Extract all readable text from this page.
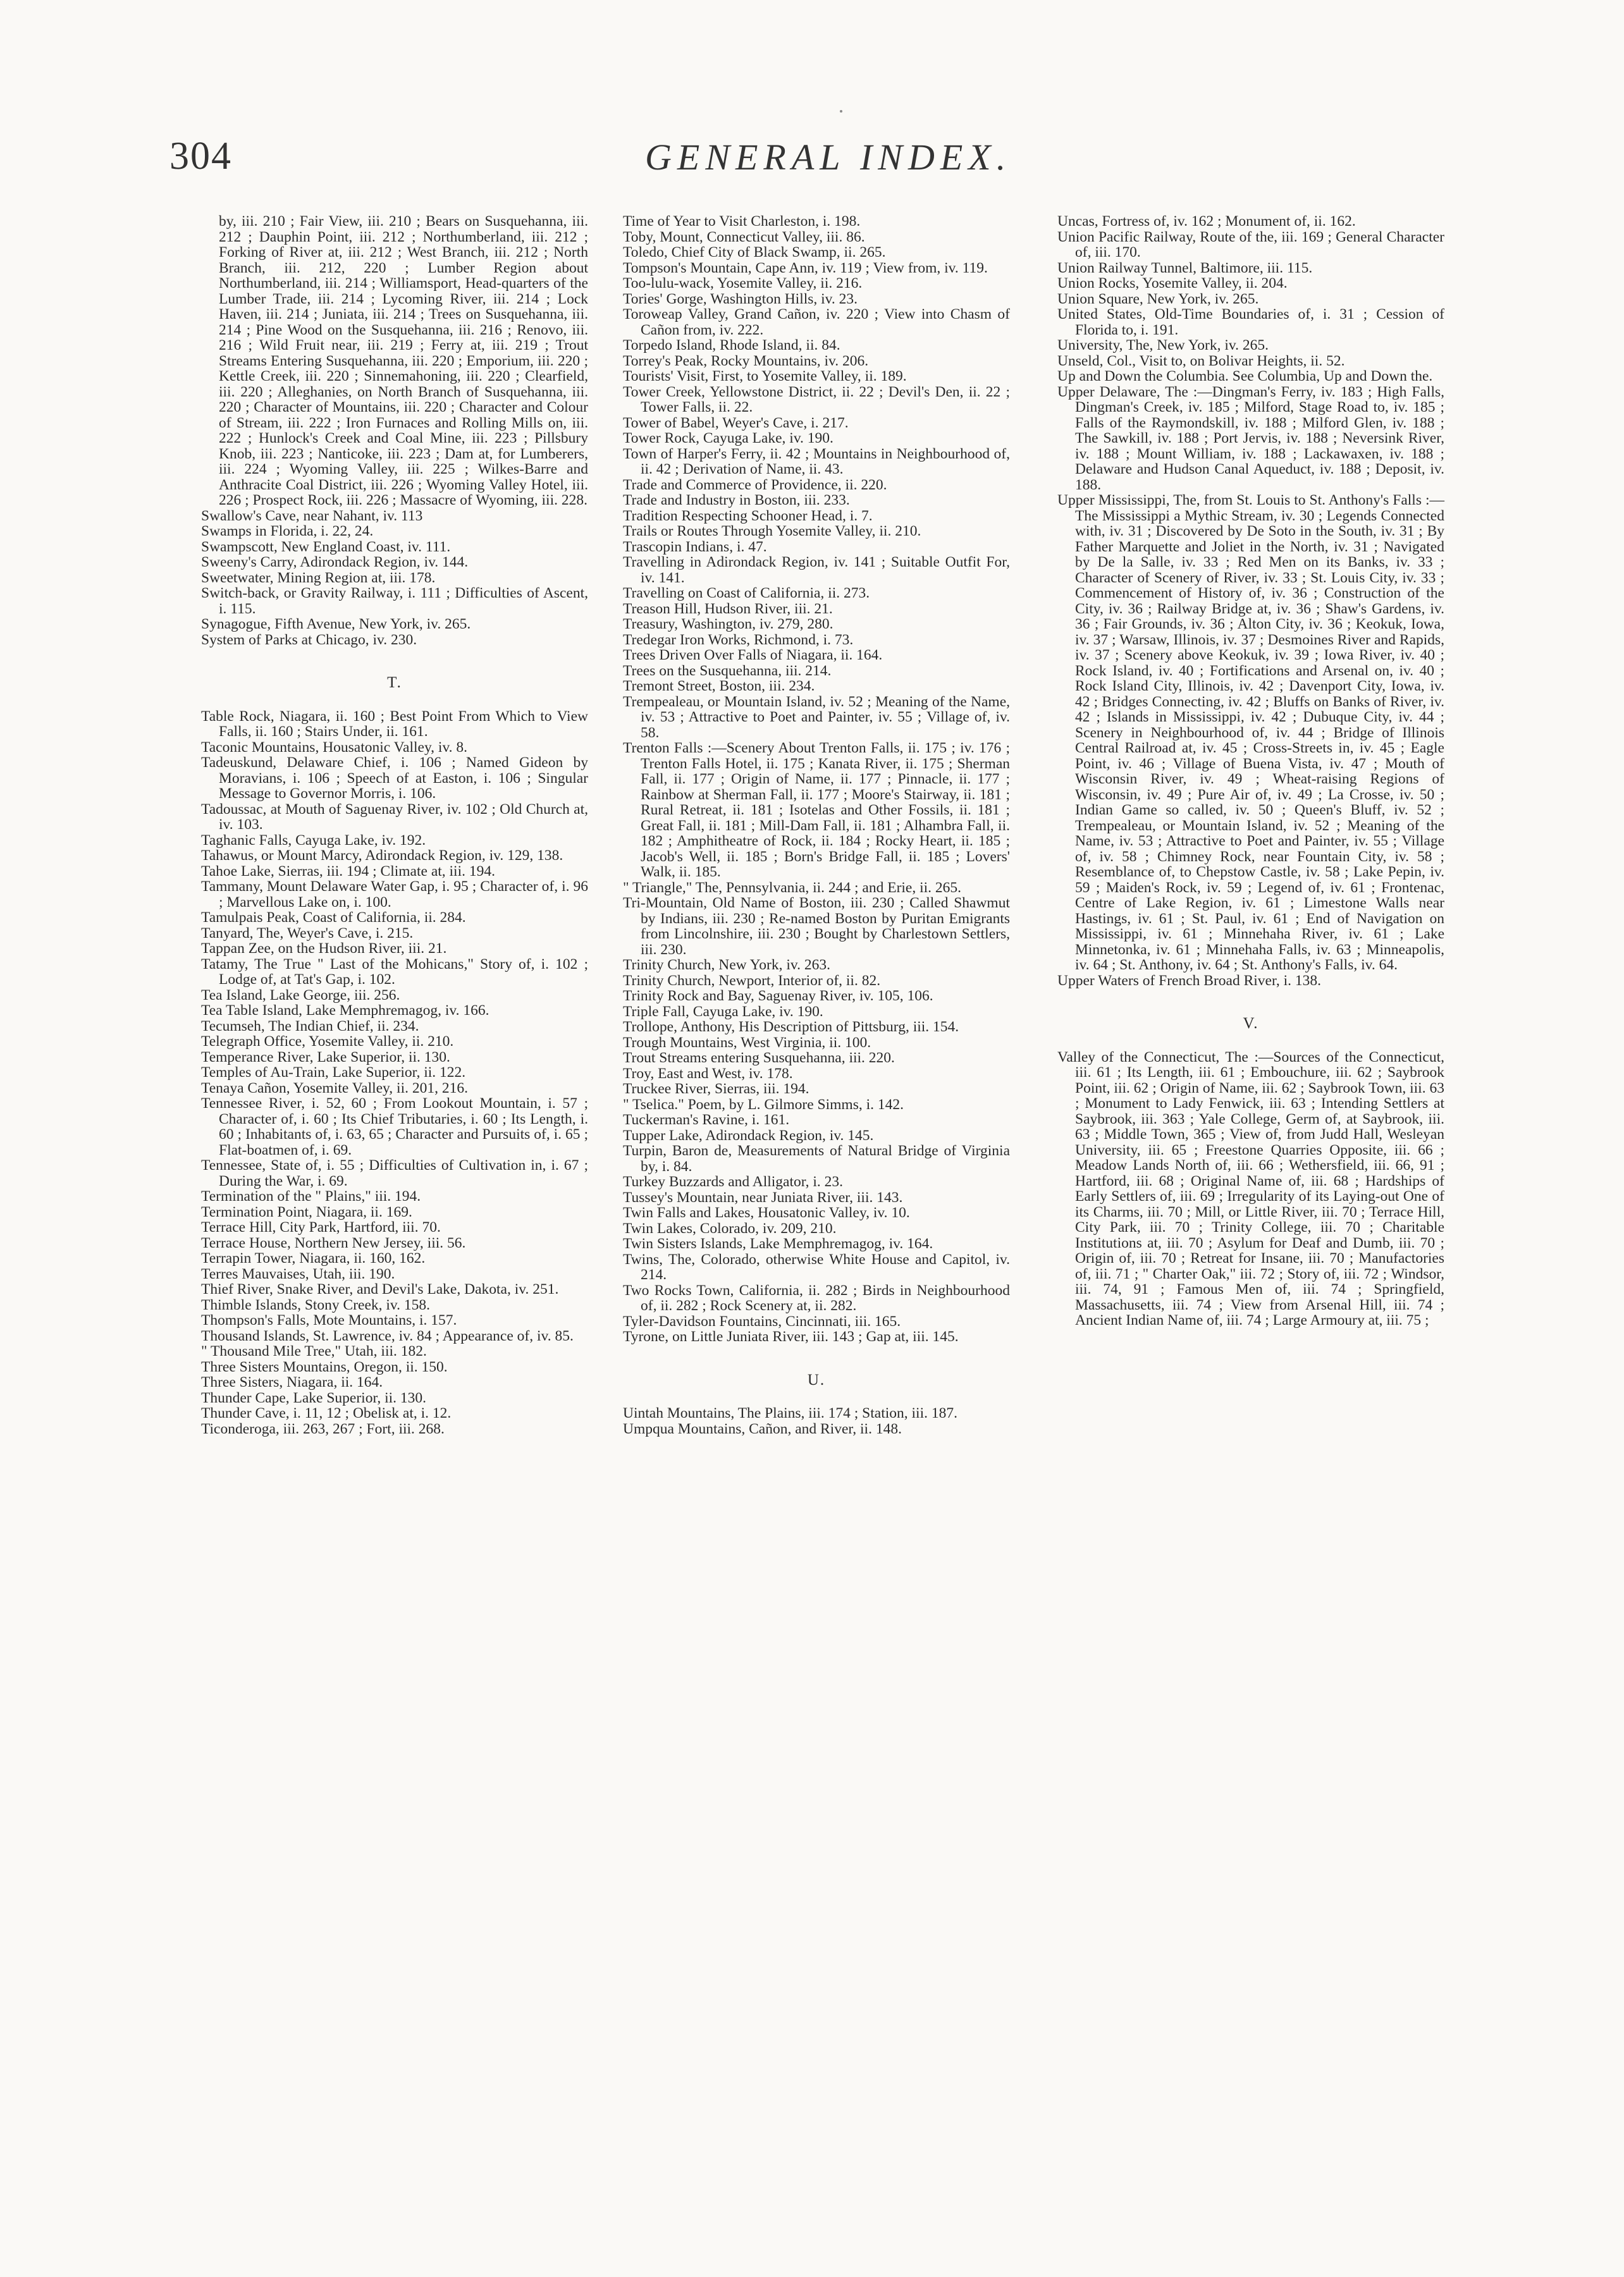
304	GENERAL INDEX.

by, iii. 210 ; Fair View, iii. 210 ; Bears on Susquehanna, iii. 212 ; Dauphin Point, iii. 212 ; Northumberland, iii. 212 ; Forking of River at, iii. 212 ; West Branch, iii. 212 ; North Branch, iii. 212, 220 ; Lumber Region about Northumberland, iii. 214 ; Williamsport, Head-quarters of the Lumber Trade, iii. 214 ; Lycoming River, iii. 214 ; Lock Haven, iii. 214 ; Juniata, iii. 214 ; Trees on Susquehanna, iii. 214 ; Pine Wood on the Susquehanna, iii. 216 ; Renovo, iii. 216 ; Wild Fruit near, iii. 219 ; Ferry at, iii. 219 ; Trout Streams Entering Susquehanna, iii. 220 ; Emporium, iii. 220 ; Kettle Creek, iii. 220 ; Sinnemahoning, iii. 220 ; Clearfield, iii. 220 ; Alleghanies, on North Branch of Susquehanna, iii. 220 ; Character of Mountains, iii. 220 ; Character and Colour of Stream, iii. 222 ; Iron Furnaces and Rolling Mills on, iii. 222 ; Hunlock's Creek and Coal Mine, iii. 223 ; Pillsbury Knob, iii. 223 ; Nanticoke, iii. 223 ; Dam at, for Lumberers, iii. 224 ; Wyoming Valley, iii. 225 ; Wilkes-Barre and Anthracite Coal District, iii. 226 ; Wyoming Valley Hotel, iii. 226 ; Prospect Rock, iii. 226 ; Massacre of Wyoming, iii. 228.

Swallow's Cave, near Nahant, iv. 113

Swamps in Florida, i. 22, 24.

Swampscott, New England Coast, iv. 111.

Sweeny's Carry, Adirondack Region, iv. 144.

Sweetwater, Mining Region at, iii. 178.

Switch-back, or Gravity Railway, i. 111 ; Difficulties of Ascent, i. 115.

Synagogue, Fifth Avenue, New York, iv. 265.

System of Parks at Chicago, iv. 230.

T.

Table Rock, Niagara, ii. 160 ; Best Point From Which to View Falls, ii. 160 ; Stairs Under, ii. 161.

Taconic Mountains, Housatonic Valley, iv. 8.

Tadeuskund, Delaware Chief, i. 106 ; Named Gideon by Moravians, i. 106 ; Speech of at Easton, i. 106 ; Singular Message to Governor Morris, i. 106.

Tadoussac, at Mouth of Saguenay River, iv. 102 ; Old Church at, iv. 103.

Taghanic Falls, Cayuga Lake, iv. 192.

Tahawus, or Mount Marcy, Adirondack Region, iv. 129, 138.

Tahoe Lake, Sierras, iii. 194 ; Climate at, iii. 194.

Tammany, Mount Delaware Water Gap, i. 95 ; Character of, i. 96 ; Marvellous Lake on, i. 100.

Tamulpais Peak, Coast of California, ii. 284.

Tanyard, The, Weyer's Cave, i. 215.

Tappan Zee, on the Hudson River, iii. 21.

Tatamy, The True " Last of the Mohicans," Story of, i. 102 ; Lodge of, at Tat's Gap, i. 102.

Tea Island, Lake George, iii. 256.

Tea Table Island, Lake Memphremagog, iv. 166.

Tecumseh, The Indian Chief, ii. 234.

Telegraph Office, Yosemite Valley, ii. 210.

Temperance River, Lake Superior, ii. 130.

Temples of Au-Train, Lake Superior, ii. 122.

Tenaya Cañon, Yosemite Valley, ii. 201, 216.

Tennessee River, i. 52, 60 ; From Lookout Mountain, i. 57 ; Character of, i. 60 ; Its Chief Tributaries, i. 60 ; Its Length, i. 60 ; Inhabitants of, i. 63, 65 ; Character and Pursuits of, i. 65 ; Flat-boatmen of, i. 69.

Tennessee, State of, i. 55 ; Difficulties of Cultivation in, i. 67 ; During the War, i. 69.

Termination of the " Plains," iii. 194.

Termination Point, Niagara, ii. 169.

Terrace Hill, City Park, Hartford, iii. 70.

Terrace House, Northern New Jersey, iii. 56.

Terrapin Tower, Niagara, ii. 160, 162.

Terres Mauvaises, Utah, iii. 190.

Thief River, Snake River, and Devil's Lake, Dakota, iv. 251.

Thimble Islands, Stony Creek, iv. 158.

Thompson's Falls, Mote Mountains, i. 157.

Thousand Islands, St. Lawrence, iv. 84 ; Appearance of, iv. 85.

" Thousand Mile Tree," Utah, iii. 182.

Three Sisters Mountains, Oregon, ii. 150.

Three Sisters, Niagara, ii. 164.

Thunder Cape, Lake Superior, ii. 130.

Thunder Cave, i. 11, 12 ; Obelisk at, i. 12.

Ticonderoga, iii. 263, 267 ; Fort, iii. 268.

Time of Year to Visit Charleston, i. 198.

Toby, Mount, Connecticut Valley, iii. 86.

Toledo, Chief City of Black Swamp, ii. 265.

Tompson's Mountain, Cape Ann, iv. 119 ; View from, iv. 119.

Too-lulu-wack, Yosemite Valley, ii. 216.

Tories' Gorge, Washington Hills, iv. 23.

Toroweap Valley, Grand Cañon, iv. 220 ; View into Chasm of Cañon from, iv. 222.

Torpedo Island, Rhode Island, ii. 84.

Torrey's Peak, Rocky Mountains, iv. 206.

Tourists' Visit, First, to Yosemite Valley, ii. 189.

Tower Creek, Yellowstone District, ii. 22 ; Devil's Den, ii. 22 ; Tower Falls, ii. 22.

Tower of Babel, Weyer's Cave, i. 217.

Tower Rock, Cayuga Lake, iv. 190.

Town of Harper's Ferry, ii. 42 ; Mountains in Neighbourhood of, ii. 42 ; Derivation of Name, ii. 43.

Trade and Commerce of Providence, ii. 220.

Trade and Industry in Boston, iii. 233.

Tradition Respecting Schooner Head, i. 7.

Trails or Routes Through Yosemite Valley, ii. 210.

Trascopin Indians, i. 47.

Travelling in Adirondack Region, iv. 141 ; Suitable Outfit For, iv. 141.

Travelling on Coast of California, ii. 273.

Treason Hill, Hudson River, iii. 21.

Treasury, Washington, iv. 279, 280.

Tredegar Iron Works, Richmond, i. 73.

Trees Driven Over Falls of Niagara, ii. 164.

Trees on the Susquehanna, iii. 214.

Tremont Street, Boston, iii. 234.

Trempealeau, or Mountain Island, iv. 52 ; Meaning of the Name, iv. 53 ; Attractive to Poet and Painter, iv. 55 ; Village of, iv. 58.

Trenton Falls :—Scenery About Trenton Falls, ii. 175 ; iv. 176 ; Trenton Falls Hotel, ii. 175 ; Kanata River, ii. 175 ; Sherman Fall, ii. 177 ; Origin of Name, ii. 177 ; Pinnacle, ii. 177 ; Rainbow at Sherman Fall, ii. 177 ; Moore's Stairway, ii. 181 ; Rural Retreat, ii. 181 ; Isotelas and Other Fossils, ii. 181 ; Great Fall, ii. 181 ; Mill-Dam Fall, ii. 181 ; Alhambra Fall, ii. 182 ; Amphitheatre of Rock, ii. 184 ; Rocky Heart, ii. 185 ; Jacob's Well, ii. 185 ; Born's Bridge Fall, ii. 185 ; Lovers' Walk, ii. 185.

" Triangle," The, Pennsylvania, ii. 244 ; and Erie, ii. 265.

Tri-Mountain, Old Name of Boston, iii. 230 ; Called Shawmut by Indians, iii. 230 ; Re-named Boston by Puritan Emigrants from Lincolnshire, iii. 230 ; Bought by Charlestown Settlers, iii. 230.

Trinity Church, New York, iv. 263.

Trinity Church, Newport, Interior of, ii. 82.

Trinity Rock and Bay, Saguenay River, iv. 105, 106.

Triple Fall, Cayuga Lake, iv. 190.

Trollope, Anthony, His Description of Pittsburg, iii. 154.

Trough Mountains, West Virginia, ii. 100.

Trout Streams entering Susquehanna, iii. 220.

Troy, East and West, iv. 178.

Truckee River, Sierras, iii. 194.

" Tselica." Poem, by L. Gilmore Simms, i. 142.

Tuckerman's Ravine, i. 161.

Tupper Lake, Adirondack Region, iv. 145.

Turpin, Baron de, Measurements of Natural Bridge of Virginia by, i. 84.

Turkey Buzzards and Alligator, i. 23.

Tussey's Mountain, near Juniata River, iii. 143.

Twin Falls and Lakes, Housatonic Valley, iv. 10.

Twin Lakes, Colorado, iv. 209, 210.

Twin Sisters Islands, Lake Memphremagog, iv. 164.

Twins, The, Colorado, otherwise White House and Capitol, iv. 214.

Two Rocks Town, California, ii. 282 ; Birds in Neighbourhood of, ii. 282 ; Rock Scenery at, ii. 282.

Tyler-Davidson Fountains, Cincinnati, iii. 165.

Tyrone, on Little Juniata River, iii. 143 ; Gap at, iii. 145.

U.

Uintah Mountains, The Plains, iii. 174 ; Station, iii. 187.

Umpqua Mountains, Cañon, and River, ii. 148.

Uncas, Fortress of, iv. 162 ; Monument of, ii. 162.

Union Pacific Railway, Route of the, iii. 169 ; General Character of, iii. 170.

Union Railway Tunnel, Baltimore, iii. 115.

Union Rocks, Yosemite Valley, ii. 204.

Union Square, New York, iv. 265.

United States, Old-Time Boundaries of, i. 31 ; Cession of Florida to, i. 191.

University, The, New York, iv. 265.

Unseld, Col., Visit to, on Bolivar Heights, ii. 52.

Up and Down the Columbia. See Columbia, Up and Down the.

Upper Delaware, The :—Dingman's Ferry, iv. 183 ; High Falls, Dingman's Creek, iv. 185 ; Milford, Stage Road to, iv. 185 ; Falls of the Raymondskill, iv. 188 ; Milford Glen, iv. 188 ; The Sawkill, iv. 188 ; Port Jervis, iv. 188 ; Neversink River, iv. 188 ; Mount William, iv. 188 ; Lackawaxen, iv. 188 ; Delaware and Hudson Canal Aqueduct, iv. 188 ; Deposit, iv. 188.

Upper Mississippi, The, from St. Louis to St. Anthony's Falls :—The Mississippi a Mythic Stream, iv. 30 ; Legends Connected with, iv. 31 ; Discovered by De Soto in the South, iv. 31 ; By Father Marquette and Joliet in the North, iv. 31 ; Navigated by De la Salle, iv. 33 ; Red Men on its Banks, iv. 33 ; Character of Scenery of River, iv. 33 ; St. Louis City, iv. 33 ; Commencement of History of, iv. 36 ; Construction of the City, iv. 36 ; Railway Bridge at, iv. 36 ; Shaw's Gardens, iv. 36 ; Fair Grounds, iv. 36 ; Alton City, iv. 36 ; Keokuk, Iowa, iv. 37 ; Warsaw, Illinois, iv. 37 ; Desmoines River and Rapids, iv. 37 ; Scenery above Keokuk, iv. 39 ; Iowa River, iv. 40 ; Rock Island, iv. 40 ; Fortifications and Arsenal on, iv. 40 ; Rock Island City, Illinois, iv. 42 ; Davenport City, Iowa, iv. 42 ; Bridges Connecting, iv. 42 ; Bluffs on Banks of River, iv. 42 ; Islands in Mississippi, iv. 42 ; Dubuque City, iv. 44 ; Scenery in Neighbourhood of, iv. 44 ; Bridge of Illinois Central Railroad at, iv. 45 ; Cross-Streets in, iv. 45 ; Eagle Point, iv. 46 ; Village of Buena Vista, iv. 47 ; Mouth of Wisconsin River, iv. 49 ; Wheat-raising Regions of Wisconsin, iv. 49 ; Pure Air of, iv. 49 ; La Crosse, iv. 50 ; Indian Game so called, iv. 50 ; Queen's Bluff, iv. 52 ; Trempealeau, or Mountain Island, iv. 52 ; Meaning of the Name, iv. 53 ; Attractive to Poet and Painter, iv. 55 ; Village of, iv. 58 ; Chimney Rock, near Fountain City, iv. 58 ; Resemblance of, to Chepstow Castle, iv. 58 ; Lake Pepin, iv. 59 ; Maiden's Rock, iv. 59 ; Legend of, iv. 61 ; Frontenac, Centre of Lake Region, iv. 61 ; Limestone Walls near Hastings, iv. 61 ; St. Paul, iv. 61 ; End of Navigation on Mississippi, iv. 61 ; Minnehaha River, iv. 61 ; Lake Minnetonka, iv. 61 ; Minnehaha Falls, iv. 63 ; Minneapolis, iv. 64 ; St. Anthony, iv. 64 ; St. Anthony's Falls, iv. 64.

Upper Waters of French Broad River, i. 138.

V.

Valley of the Connecticut, The :—Sources of the Connecticut, iii. 61 ; Its Length, iii. 61 ; Embouchure, iii. 62 ; Saybrook Point, iii. 62 ; Origin of Name, iii. 62 ; Saybrook Town, iii. 63 ; Monument to Lady Fenwick, iii. 63 ; Intending Settlers at Saybrook, iii. 363 ; Yale College, Germ of, at Saybrook, iii. 63 ; Middle Town, 365 ; View of, from Judd Hall, Wesleyan University, iii. 65 ; Freestone Quarries Opposite, iii. 66 ; Meadow Lands North of, iii. 66 ; Wethersfield, iii. 66, 91 ; Hartford, iii. 68 ; Original Name of, iii. 68 ; Hardships of Early Settlers of, iii. 69 ; Irregularity of its Laying-out One of its Charms, iii. 70 ; Mill, or Little River, iii. 70 ; Terrace Hill, City Park, iii. 70 ; Trinity College, iii. 70 ; Charitable Institutions at, iii. 70 ; Asylum for Deaf and Dumb, iii. 70 ; Origin of, iii. 70 ; Retreat for Insane, iii. 70 ; Manufactories of, iii. 71 ; " Charter Oak," iii. 72 ; Story of, iii. 72 ; Windsor, iii. 74, 91 ; Famous Men of, iii. 74 ; Springfield, Massachusetts, iii. 74 ; View from Arsenal Hill, iii. 74 ; Ancient Indian Name of, iii. 74 ; Large Armoury at, iii. 75 ;
